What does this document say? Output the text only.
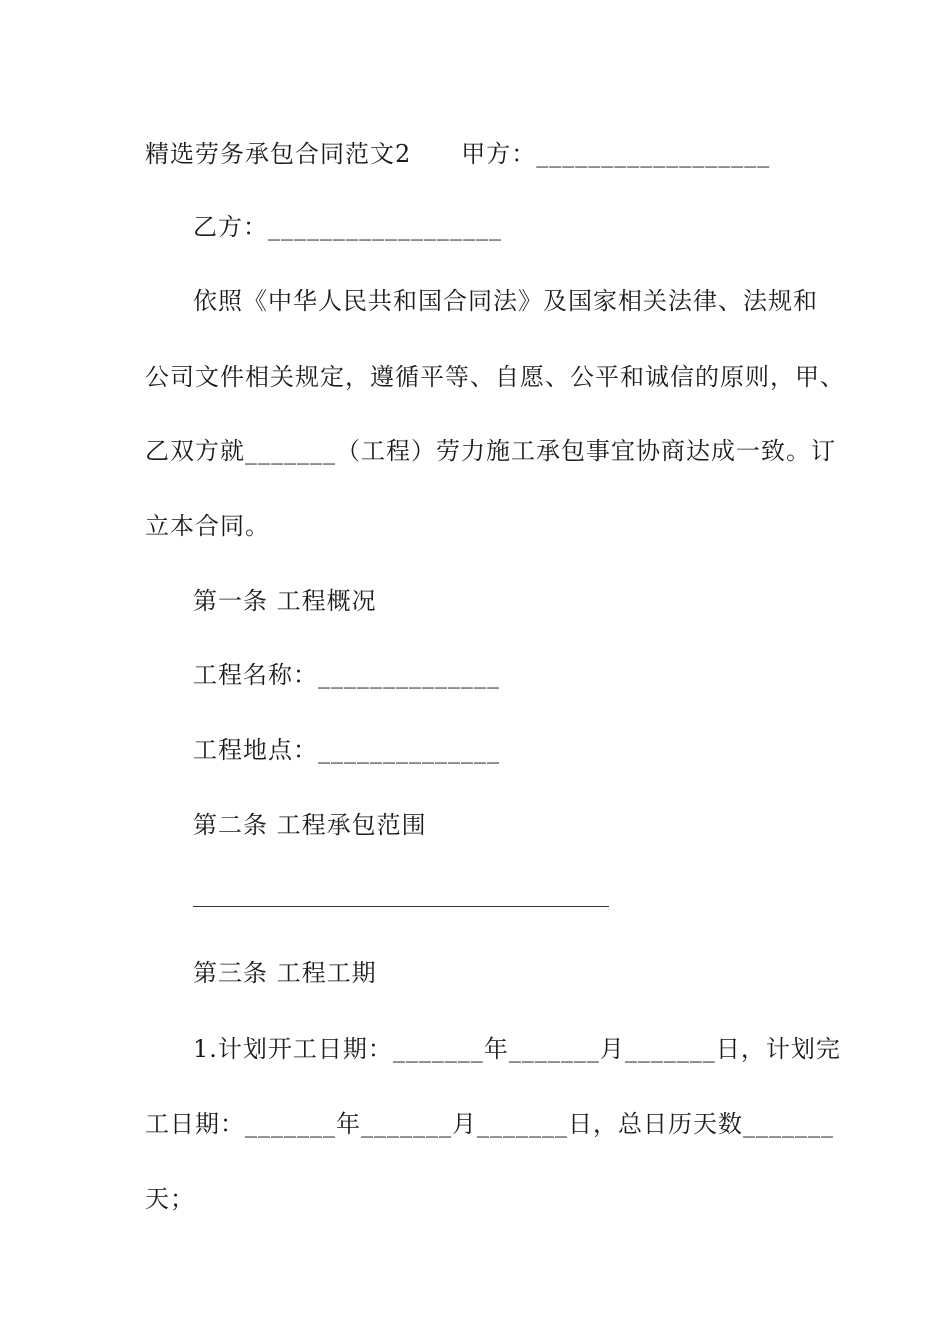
精选劳务承包合同范文2　　甲方：__________________
乙方：__________________
依照《中华人民共和国合同法》及国家相关法律、法规和
公司文件相关规定，遵循平等、自愿、公平和诚信的原则，甲、
乙双方就_______（工程）劳力施工承包事宜协商达成一致。订
立本合同。
第一条 工程概况
工程名称：______________
工程地点：______________
第二条 工程承包范围
第三条 工程工期
1.计划开工日期：_______年_______月_______日，计划完
工日期：_______年_______月_______日，总日历天数_______
天；
